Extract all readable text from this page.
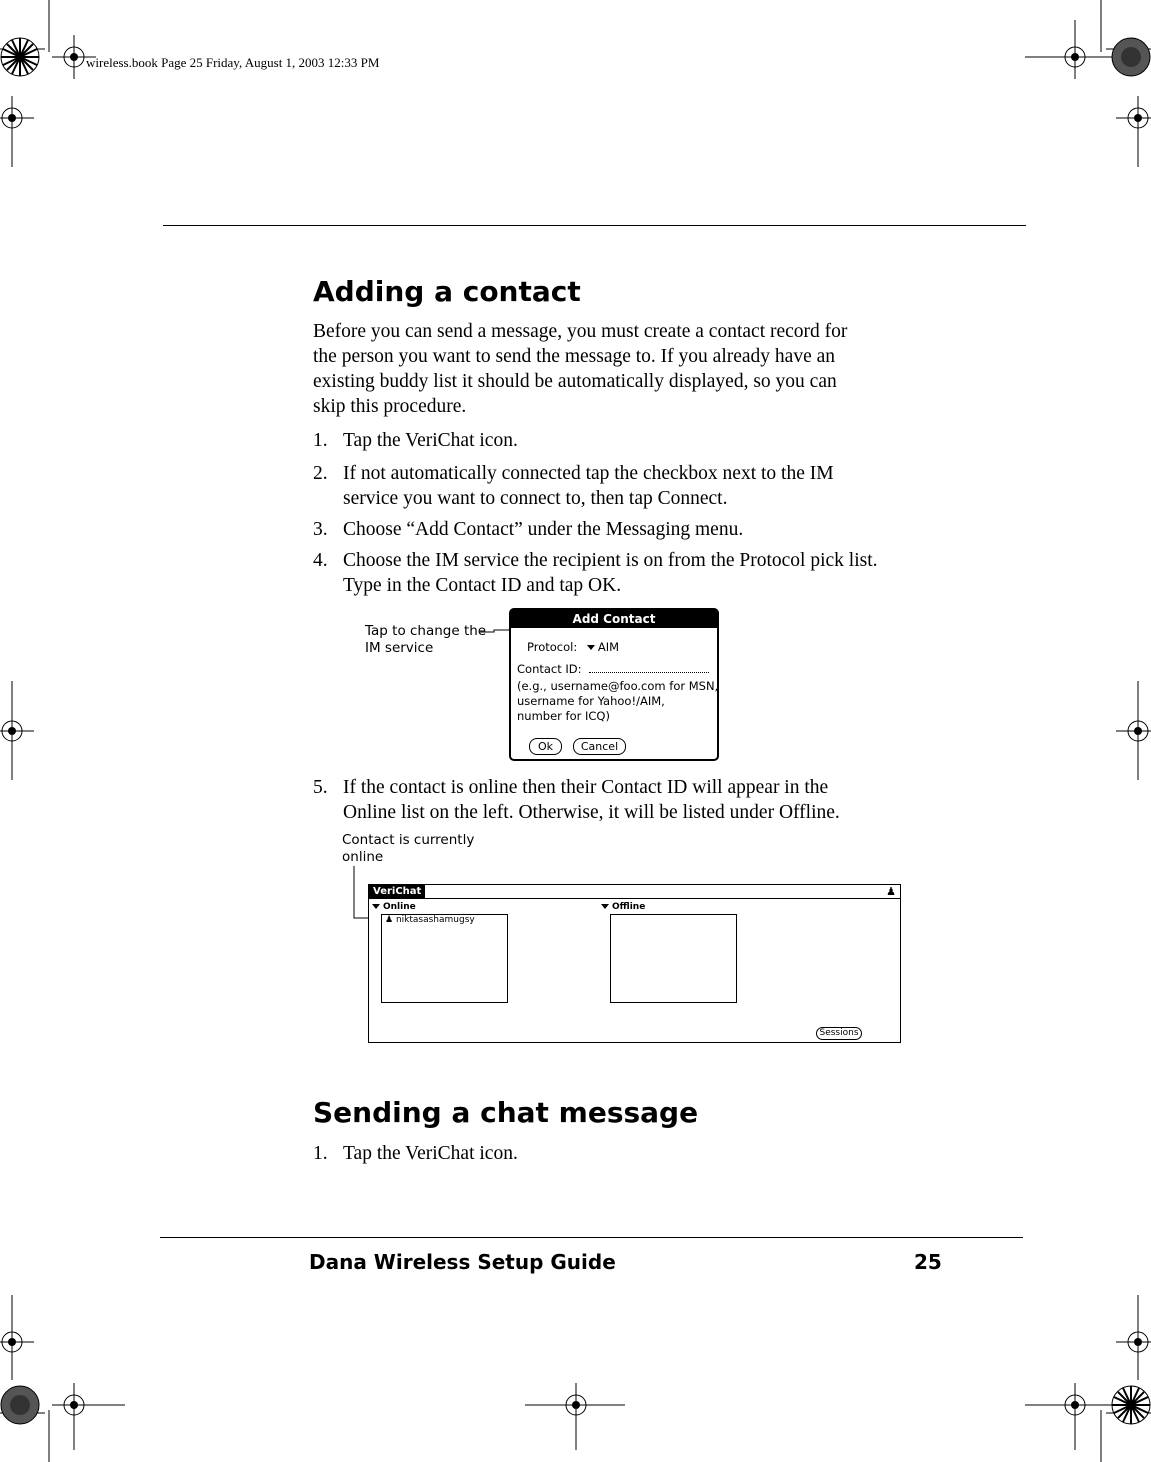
wireless.book Page 25 Friday, August 1, 2003 12:33 PM
Adding a contact
Before you can send a message, you must create a contact record for
the person you want to send the message to. If you already have an
existing buddy list it should be automatically displayed, so you can
skip this procedure.
1. Tap the VeriChat icon.
2. If not automatically connected tap the checkbox next to the IM
service you want to connect to, then tap Connect.
3. Choose “Add Contact” under the Messaging menu.
4. Choose the IM service the recipient is on from the Protocol pick list.
Type in the Contact ID and tap OK.
Tap to change the
IM service
Add Contact
Protocol: AIM
Contact ID:
(e.g., username@foo.com for MSN,
username for Yahoo!/AIM,
number for ICQ)
Ok	Cancel
5. If the contact is online then their Contact ID will appear in the
Online list on the left. Otherwise, it will be listed under Offline.
Contact is currently
online
VeriChat	♟
Online	Offline
♟ niktasashamugsy
Sessions
Sending a chat message
1. Tap the VeriChat icon.
Dana Wireless Setup Guide	25
